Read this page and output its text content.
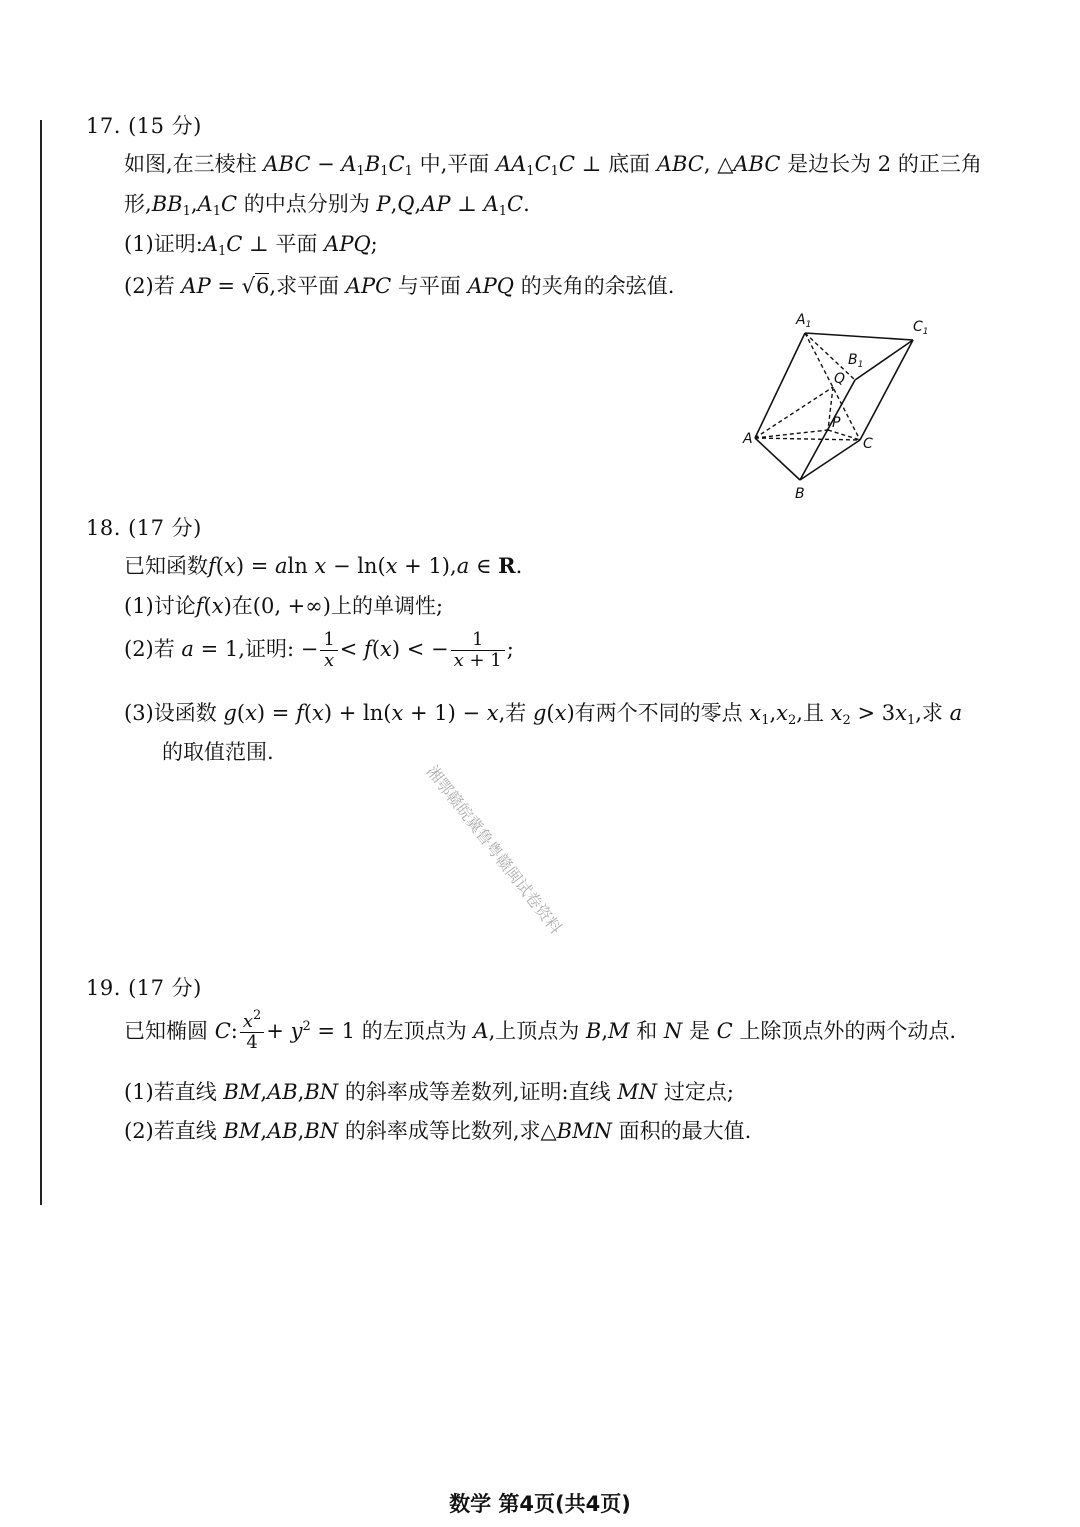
17. (15 分)
如图,在三棱柱 ABC − $A_1B_1C_1$ 中,平面 $AA_1C_1C$ ⊥ 底面 ABC, △ABC 是边长为 2 的正三角
形$,BB_1,A_1C$ 的中点分别为 P,Q,AP ⊥ $A_1C$.
(1)证明$:A_1C$ ⊥ 平面 APQ;
(2)若 AP = √6,求平面 APC 与平面 APQ 的夹角的余弦值.
$A_1$	$C_1$
$B_1$
Q
P
A	C
B
18. (17 分)
已知函数f(x) = aln x − ln(x + 1),a ∈ R.
(1)讨论f(x)在(0, +∞)上的单调性;
(2)若 a = 1,证明: − $\frac{1}{x} < f(x)$ < − $\frac{1}{x + 1}$ ;
(3)设函数 g(x) = f(x) + ln(x + 1) − x,若 g(x)有两个不同的零点 $x_1,x_2$,且 $x_2 > 3x_1$,求 a
的取值范围.
湘鄂赣皖冀鲁粤赣闽试卷资料
19. (17 分)
已知椭圆 C: $\frac{x^2}{4} + y^2 = 1$ 的左顶点为 A,上顶点为 B,M 和 N 是 C 上除顶点外的两个动点.
(1)若直线 BM,AB,BN 的斜率成等差数列,证明:直线 MN 过定点;
(2)若直线 BM,AB,BN 的斜率成等比数列,求△BMN 面积的最大值.
数学 第4页(共4页)
